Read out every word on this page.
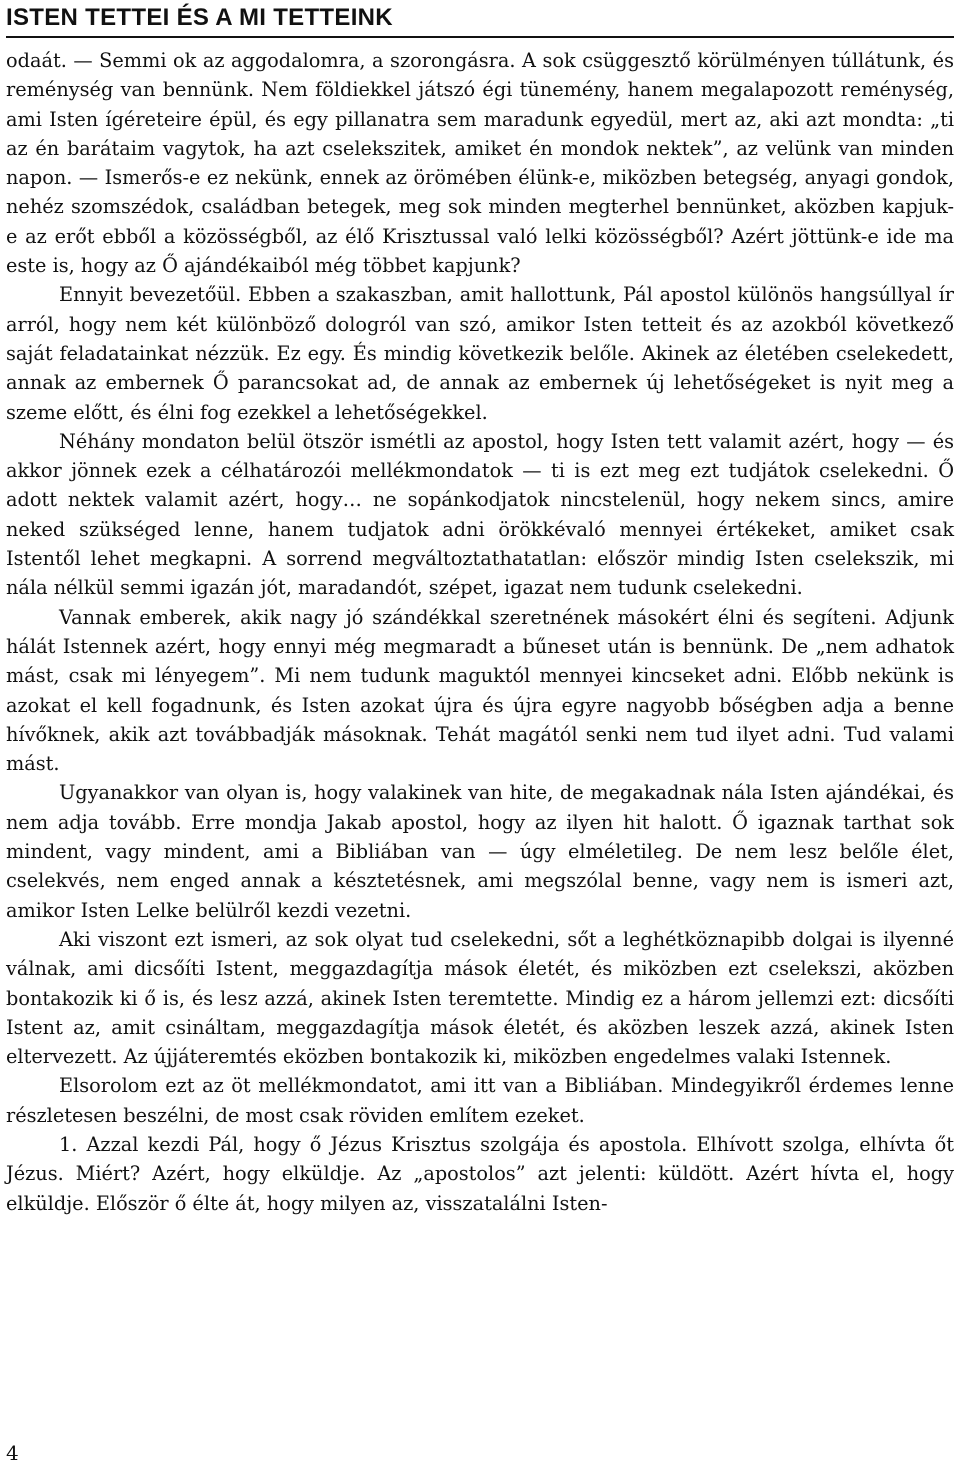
ISTEN TETTEI ÉS A MI TETTEINK

odaát. — Semmi ok az aggodalomra, a szorongásra. A sok csüggesztő körülményen túllátunk, és reménység van bennünk. Nem földiekkel játszó égi tünemény, hanem megalapozott reménység, ami Isten ígéreteire épül, és egy pillanatra sem maradunk egyedül, mert az, aki azt mondta: „ti az én barátaim vagytok, ha azt cselekszitek, amiket én mondok nektek”, az velünk van minden napon. — Ismerős-e ez nekünk, ennek az örömében élünk-e, miközben betegség, anyagi gondok, nehéz szomszédok, családban betegek, meg sok minden megterhel bennünket, aközben kapjuk-e az erőt ebből a közösségből, az élő Krisztussal való lelki közösségből? Azért jöttünk-e ide ma este is, hogy az Ő ajándékaiból még többet kapjunk?

Ennyit bevezetőül. Ebben a szakaszban, amit hallottunk, Pál apostol különös hangsúllyal ír arról, hogy nem két különböző dologról van szó, amikor Isten tetteit és az azokból következő saját feladatainkat nézzük. Ez egy. És mindig következik belőle. Akinek az életében cselekedett, annak az embernek Ő parancsokat ad, de annak az embernek új lehetőségeket is nyit meg a szeme előtt, és élni fog ezekkel a lehetőségekkel.

Néhány mondaton belül ötször ismétli az apostol, hogy Isten tett valamit azért, hogy — és akkor jönnek ezek a célhatározói mellékmondatok — ti is ezt meg ezt tudjátok cselekedni. Ő adott nektek valamit azért, hogy… ne sopánkodjatok nincstelenül, hogy nekem sincs, amire neked szükséged lenne, hanem tudjatok adni örökkévaló mennyei értékeket, amiket csak Istentől lehet megkapni. A sorrend megváltoztathatatlan: először mindig Isten cselekszik, mi nála nélkül semmi igazán jót, maradandót, szépet, igazat nem tudunk cselekedni.

Vannak emberek, akik nagy jó szándékkal szeretnének másokért élni és segíteni. Adjunk hálát Istennek azért, hogy ennyi még megmaradt a bűneset után is bennünk. De „nem adhatok mást, csak mi lényegem”. Mi nem tudunk maguktól mennyei kincseket adni. Előbb nekünk is azokat el kell fogadnunk, és Isten azokat újra és újra egyre nagyobb bőségben adja a benne hívőknek, akik azt továbbadják másoknak. Tehát magától senki nem tud ilyet adni. Tud valami mást.

Ugyanakkor van olyan is, hogy valakinek van hite, de megakadnak nála Isten ajándékai, és nem adja tovább. Erre mondja Jakab apostol, hogy az ilyen hit halott. Ő igaznak tarthat sok mindent, vagy mindent, ami a Bibliában van — úgy elméletileg. De nem lesz belőle élet, cselekvés, nem enged annak a késztetésnek, ami megszólal benne, vagy nem is ismeri azt, amikor Isten Lelke belülről kezdi vezetni.

Aki viszont ezt ismeri, az sok olyat tud cselekedni, sőt a leghétköznapibb dolgai is ilyenné válnak, ami dicsőíti Istent, meggazdagítja mások életét, és miközben ezt cselekszi, aközben bontakozik ki ő is, és lesz azzá, akinek Isten teremtette. Mindig ez a három jellemzi ezt: dicsőíti Istent az, amit csináltam, meggazdagítja mások életét, és aközben leszek azzá, akinek Isten eltervezett. Az újjáteremtés eközben bontakozik ki, miközben engedelmes valaki Istennek.

Elsorolom ezt az öt mellékmondatot, ami itt van a Bibliában. Mindegyikről érdemes lenne részletesen beszélni, de most csak röviden említem ezeket.

1. Azzal kezdi Pál, hogy ő Jézus Krisztus szolgája és apostola. Elhívott szolga, elhívta őt Jézus. Miért? Azért, hogy elküldje. Az „apostolos” azt jelenti: küldött. Azért hívta el, hogy elküldje. Először ő élte át, hogy milyen az, visszatalálni Isten-

4
